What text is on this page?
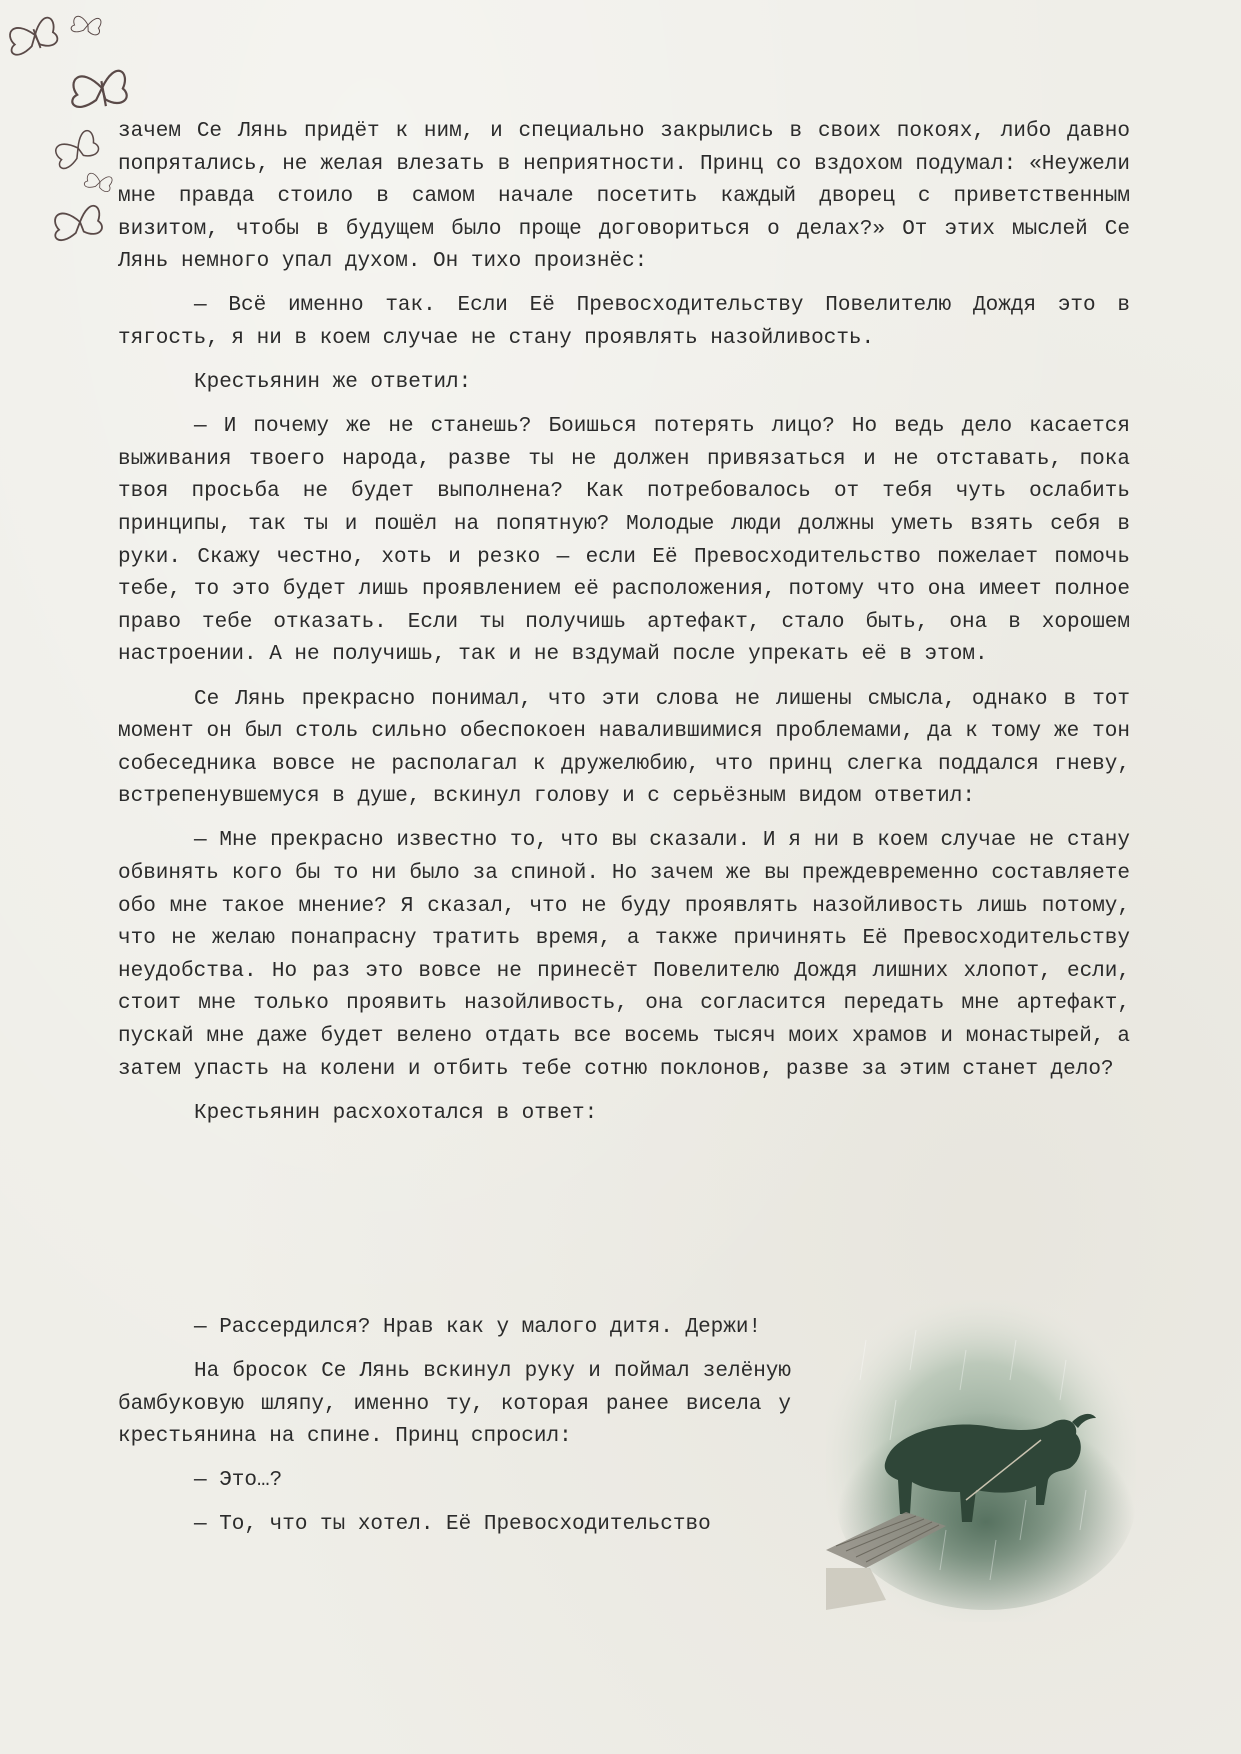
зачем Се Лянь придёт к ним, и специально закрылись в своих покоях, либо давно попрятались, не желая влезать в неприятности. Принц со вздохом подумал: «Неужели мне правда стоило в самом начале посетить каждый дворец с приветственным визитом, чтобы в будущем было проще договориться о делах?» От этих мыслей Се Лянь немного упал духом. Он тихо произнёс:

— Всё именно так. Если Её Превосходительству Повелителю Дождя это в тягость, я ни в коем случае не стану проявлять назойливость.

Крестьянин же ответил:

— И почему же не станешь? Боишься потерять лицо? Но ведь дело касается выживания твоего народа, разве ты не должен привязаться и не отставать, пока твоя просьба не будет выполнена? Как потребовалось от тебя чуть ослабить принципы, так ты и пошёл на попятную? Молодые люди должны уметь взять себя в руки. Скажу честно, хоть и резко — если Её Превосходительство пожелает помочь тебе, то это будет лишь проявлением её расположения, потому что она имеет полное право тебе отказать. Если ты получишь артефакт, стало быть, она в хорошем настроении. А не получишь, так и не вздумай после упрекать её в этом.

Се Лянь прекрасно понимал, что эти слова не лишены смысла, однако в тот момент он был столь сильно обеспокоен навалившимися проблемами, да к тому же тон собеседника вовсе не располагал к дружелюбию, что принц слегка поддался гневу, встрепенувшемуся в душе, вскинул голову и с серьёзным видом ответил:

— Мне прекрасно известно то, что вы сказали. И я ни в коем случае не стану обвинять кого бы то ни было за спиной. Но зачем же вы преждевременно составляете обо мне такое мнение? Я сказал, что не буду проявлять назойливость лишь потому, что не желаю понапрасну тратить время, а также причинять Её Превосходительству неудобства. Но раз это вовсе не принесёт Повелителю Дождя лишних хлопот, если, стоит мне только проявить назойливость, она согласится передать мне артефакт, пускай мне даже будет велено отдать все восемь тысяч моих храмов и монастырей, а затем упасть на колени и отбить тебе сотню поклонов, разве за этим станет дело?

Крестьянин расхохотался в ответ:

— Рассердился? Нрав как у малого дитя. Держи!

На бросок Се Лянь вскинул руку и поймал зелёную бамбуковую шляпу, именно ту, которая ранее висела у крестьянина на спине. Принц спросил:

— Это…?

— То, что ты хотел. Её Превосходительство
